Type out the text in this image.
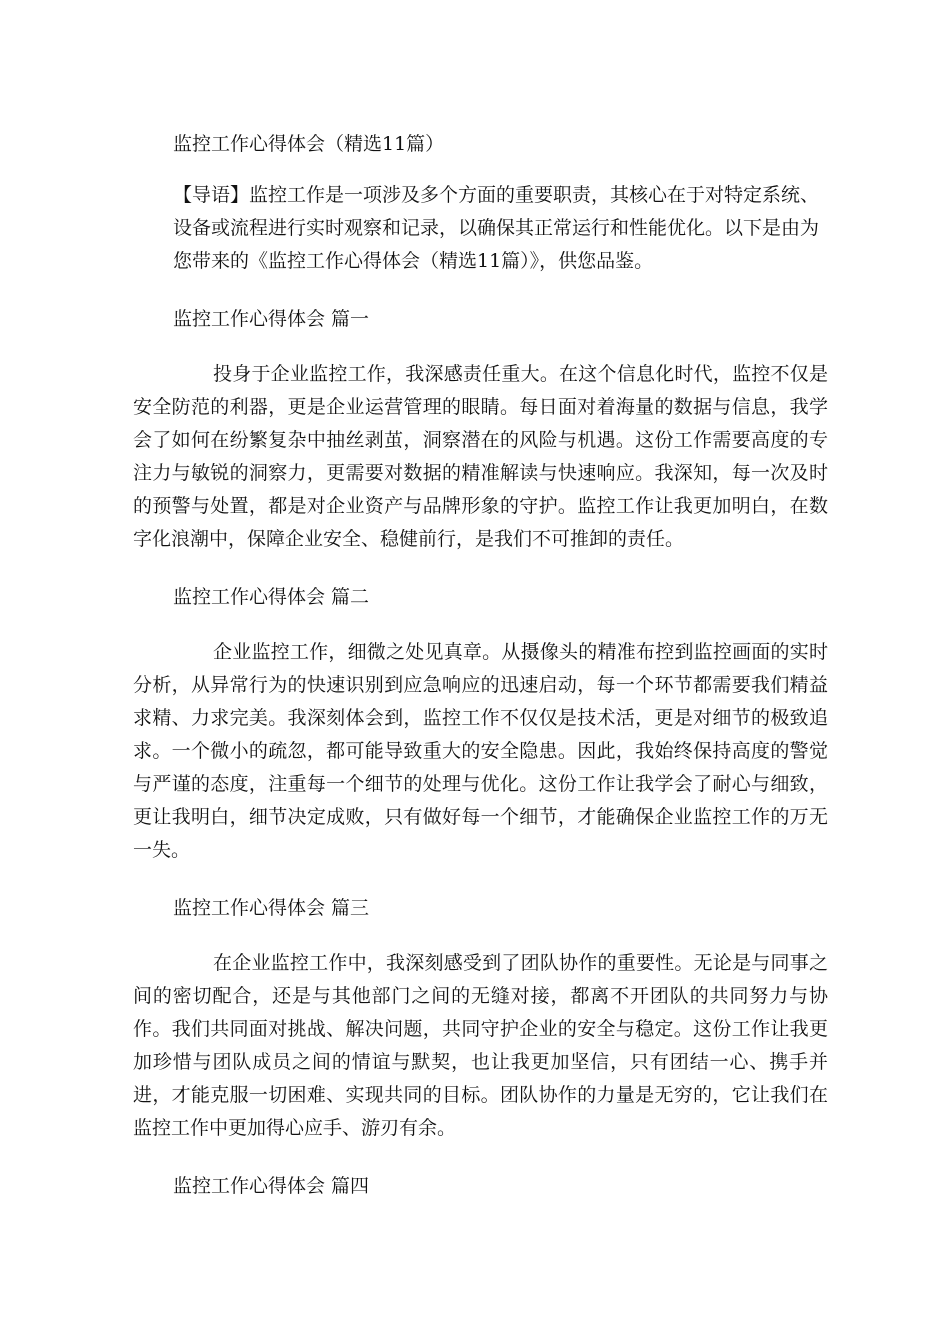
监控工作心得体会（精选11篇）

【导语】监控工作是一项涉及多个方面的重要职责，其核心在于对特定系统、设备或流程进行实时观察和记录，以确保其正常运行和性能优化。以下是由为您带来的《监控工作心得体会（精选11篇）》，供您品鉴。

监控工作心得体会 篇一

投身于企业监控工作，我深感责任重大。在这个信息化时代，监控不仅是安全防范的利器，更是企业运营管理的眼睛。每日面对着海量的数据与信息，我学会了如何在纷繁复杂中抽丝剥茧，洞察潜在的风险与机遇。这份工作需要高度的专注力与敏锐的洞察力，更需要对数据的精准解读与快速响应。我深知，每一次及时的预警与处置，都是对企业资产与品牌形象的守护。监控工作让我更加明白，在数字化浪潮中，保障企业安全、稳健前行，是我们不可推卸的责任。

监控工作心得体会 篇二

企业监控工作，细微之处见真章。从摄像头的精准布控到监控画面的实时分析，从异常行为的快速识别到应急响应的迅速启动，每一个环节都需要我们精益求精、力求完美。我深刻体会到，监控工作不仅仅是技术活，更是对细节的极致追求。一个微小的疏忽，都可能导致重大的安全隐患。因此，我始终保持高度的警觉与严谨的态度，注重每一个细节的处理与优化。这份工作让我学会了耐心与细致，更让我明白，细节决定成败，只有做好每一个细节，才能确保企业监控工作的万无一失。

监控工作心得体会 篇三

在企业监控工作中，我深刻感受到了团队协作的重要性。无论是与同事之间的密切配合，还是与其他部门之间的无缝对接，都离不开团队的共同努力与协作。我们共同面对挑战、解决问题，共同守护企业的安全与稳定。这份工作让我更加珍惜与团队成员之间的情谊与默契，也让我更加坚信，只有团结一心、携手并进，才能克服一切困难、实现共同的目标。团队协作的力量是无穷的，它让我们在监控工作中更加得心应手、游刃有余。

监控工作心得体会 篇四
